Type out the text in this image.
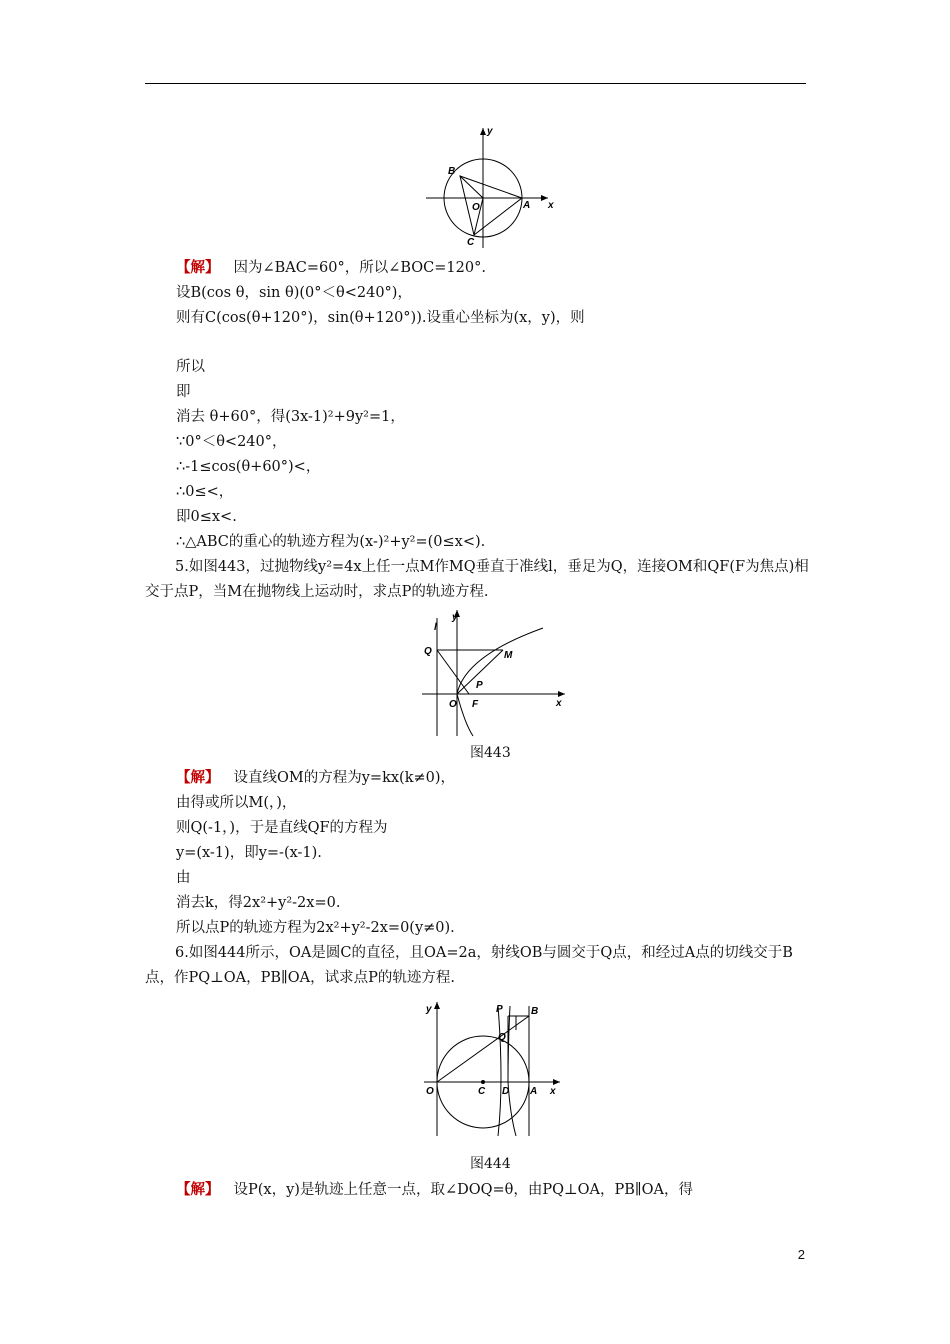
B
C
O	A x
y
【解】 因为∠BAC=60°，所以∠BOC=120°.
设B(cos θ，sin θ)(0°＜θ<240°)，
则有C(cos(θ+120°)，sin(θ+120°)).设重心坐标为(x，y)，则
所以
即
消去 θ+60°，得(3x-1)²+9y²=1，
∵0°＜θ<240°，
∴-1≤cos(θ+60°)<，
∴0≤<，
即0≤x<.
∴△ABC的重心的轨迹方程为(x-)²+y²=(0≤x<).
5.如图443，过抛物线y²=4x上任一点M作MQ垂直于准线l，垂足为Q，连接OM和QF(F为焦点)相交于点P，当M在抛物线上运动时，求点P的轨迹方程.
l
y
Q	M
P
O F	x
图443
【解】 设直线OM的方程为y=kx(k≠0)，
由得或所以M(，)，
则Q(-1，)，于是直线QF的方程为
y=(x-1)，即y=-(x-1).
由
消去k，得2x²+y²-2x=0.
所以点P的轨迹方程为2x²+y²-2x=0(y≠0).
6.如图444所示，OA是圆C的直径，且OA=2a，射线OB与圆交于Q点，和经过A点的切线交于B点，作PQ⊥OA，PB∥OA，试求点P的轨迹方程.
y	P	B
Q
O	C D A x
图444
【解】 设P(x，y)是轨迹上任意一点，取∠DOQ=θ，由PQ⊥OA，PB∥OA，得
2
